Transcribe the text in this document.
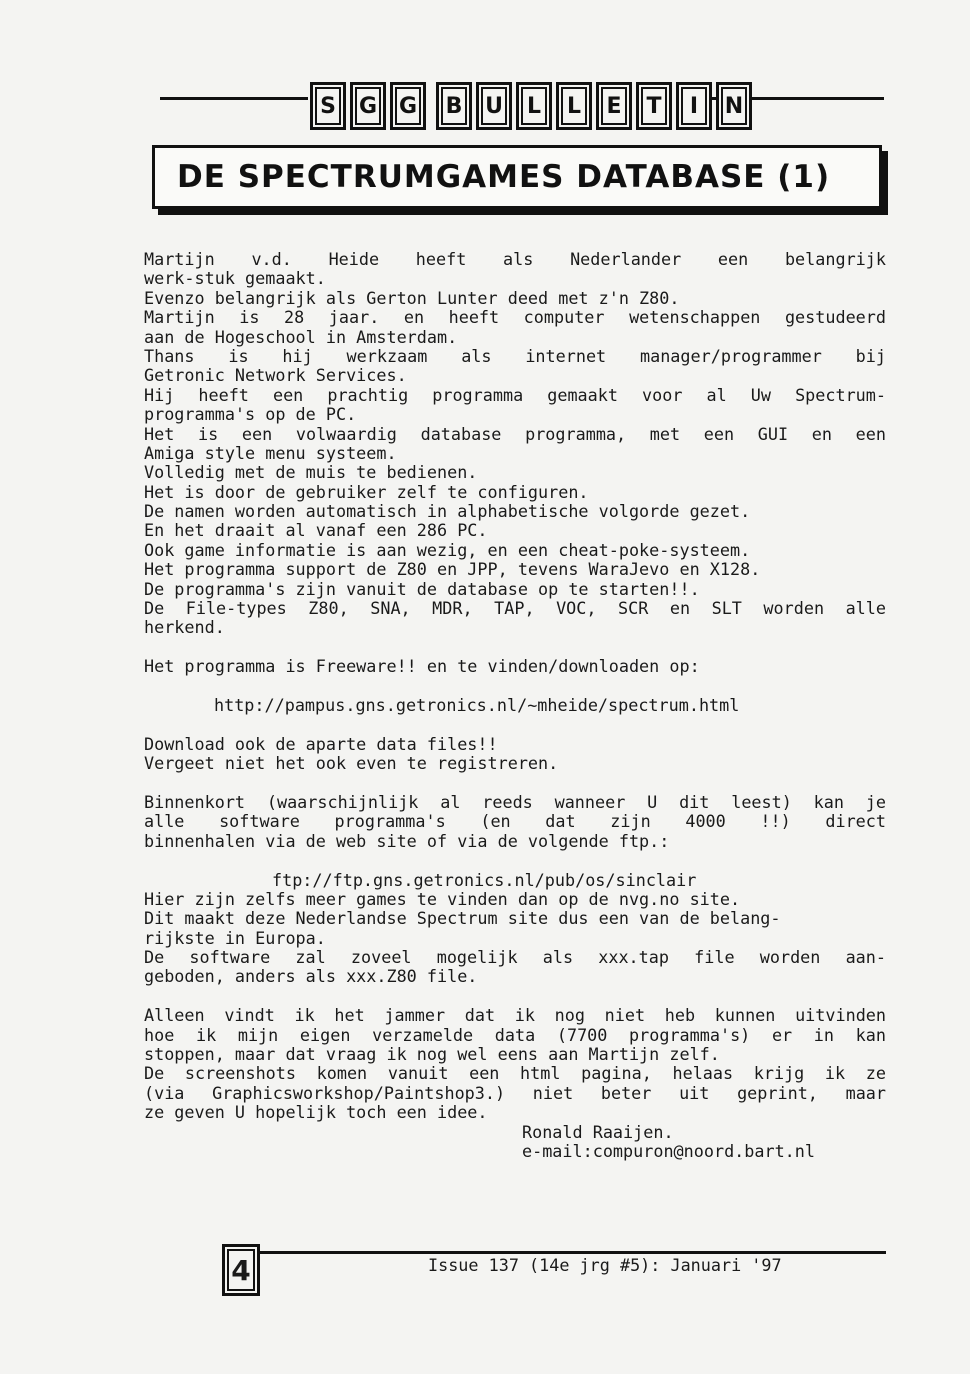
S	G G	B	U	L	L	E	T	I	N
DE SPECTRUMGAMES DATABASE (1)
Martijn v.d. Heide heeft als Nederlander een belangrijk
werk-stuk gemaakt.
Evenzo belangrijk als Gerton Lunter deed met z'n Z80.
Martijn is 28 jaar. en heeft computer wetenschappen gestudeerd
aan de Hogeschool in Amsterdam.
Thans is hij werkzaam als internet manager/programmer bij
Getronic Network Services.
Hij heeft een prachtig programma gemaakt voor al Uw Spectrum-
programma's op de PC.
Het is een volwaardig database programma, met een GUI en een
Amiga style menu systeem.
Volledig met de muis te bedienen.
Het is door de gebruiker zelf te configuren.
De namen worden automatisch in alphabetische volgorde gezet.
En het draait al vanaf een 286 PC.
Ook game informatie is aan wezig, en een cheat-poke-systeem.
Het programma support de Z80 en JPP, tevens WaraJevo en X128.
De programma's zijn vanuit de database op te starten!!.
De File-types Z80, SNA, MDR, TAP, VOC, SCR en SLT worden alle
herkend.
Het programma is Freeware!! en te vinden/downloaden op:
http://pampus.gns.getronics.nl/~mheide/spectrum.html
Download ook de aparte data files!!
Vergeet niet het ook even te registreren.
Binnenkort (waarschijnlijk al reeds wanneer U dit leest) kan je
alle software programma's (en dat zijn 4000 !!) direct
binnenhalen via de web site of via de volgende ftp.:
ftp://ftp.gns.getronics.nl/pub/os/sinclair
Hier zijn zelfs meer games te vinden dan op de nvg.no site.
Dit maakt deze Nederlandse Spectrum site dus een van de belang-
rijkste in Europa.
De software zal zoveel mogelijk als xxx.tap file worden aan-
geboden, anders als xxx.Z80 file.
Alleen vindt ik het jammer dat ik nog niet heb kunnen uitvinden
hoe ik mijn eigen verzamelde data (7700 programma's) er in kan
stoppen, maar dat vraag ik nog wel eens aan Martijn zelf.
De screenshots komen vanuit een html pagina, helaas krijg ik ze
(via Graphicsworkshop/Paintshop3.) niet beter uit geprint, maar
ze geven U hopelijk toch een idee.
Ronald Raaijen.
e-mail:compuron@noord.bart.nl
4	Issue 137 (14e jrg #5): Januari '97
